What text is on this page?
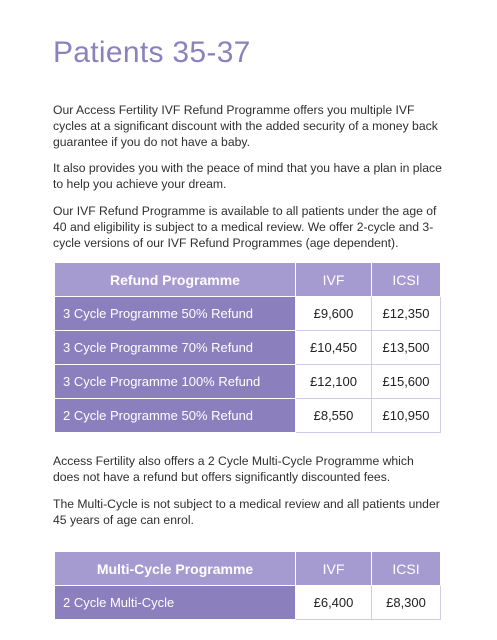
Patients 35-37

Our Access Fertility IVF Refund Programme offers you multiple IVF cycles at a significant discount with the added security of a money back guarantee if you do not have a baby.

It also provides you with the peace of mind that you have a plan in place to help you achieve your dream.

Our IVF Refund Programme is available to all patients under the age of 40 and eligibility is subject to a medical review. We offer 2-cycle and 3-cycle versions of our IVF Refund Programmes (age dependent).

Refund Programme	IVF	ICSI
3 Cycle Programme 50% Refund	£9,600	£12,350
3 Cycle Programme 70% Refund	£10,450	£13,500
3 Cycle Programme 100% Refund	£12,100	£15,600
2 Cycle Programme 50% Refund	£8,550	£10,950

Access Fertility also offers a 2 Cycle Multi-Cycle Programme which does not have a refund but offers significantly discounted fees.

The Multi-Cycle is not subject to a medical review and all patients under 45 years of age can enrol.

Multi-Cycle Programme	IVF	ICSI
2 Cycle Multi-Cycle	£6,400	£8,300
